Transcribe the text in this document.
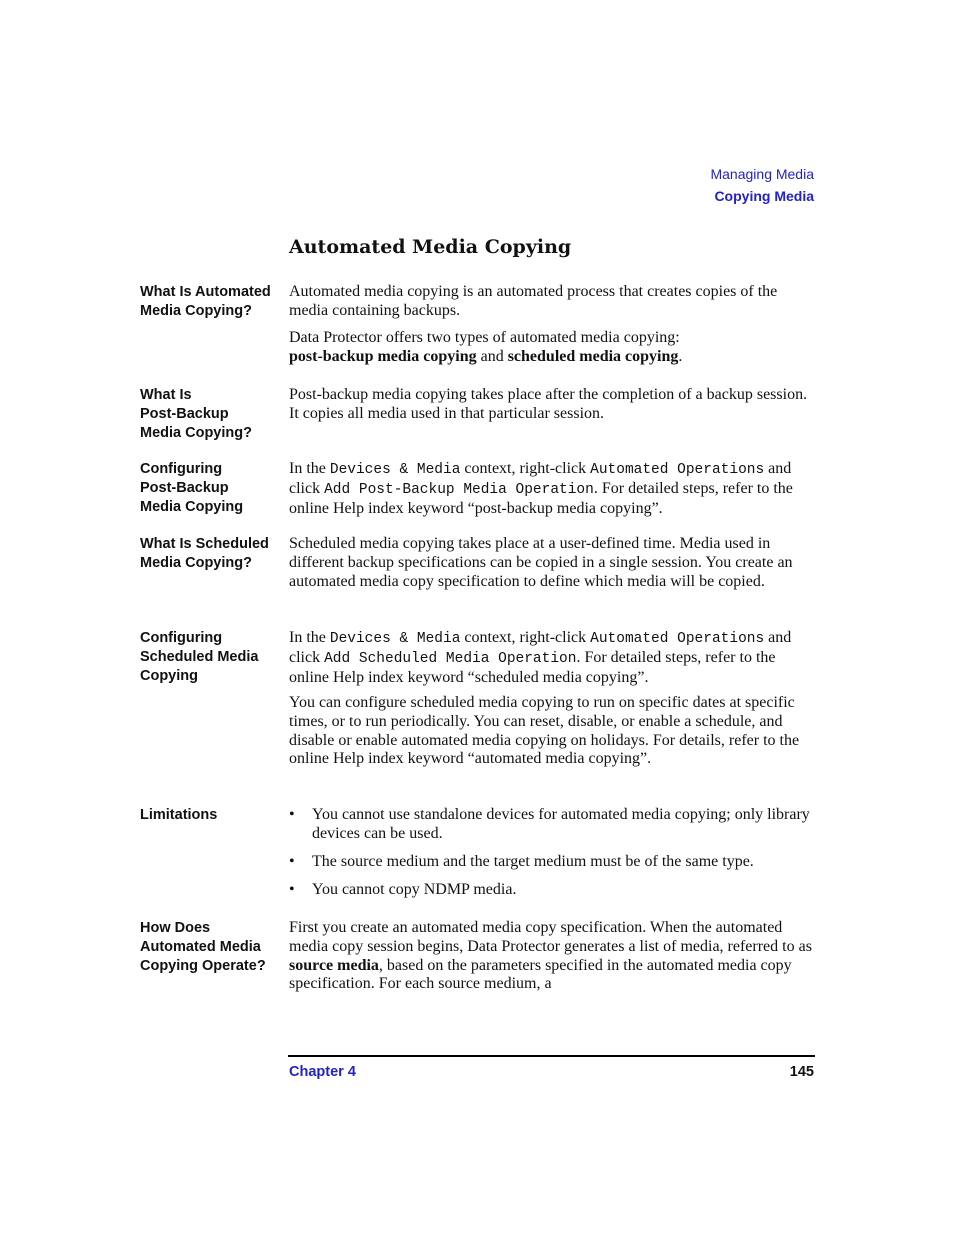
Managing Media
Copying Media
Automated Media Copying
What Is Automated
Media Copying?
Automated media copying is an automated process that creates copies of the media containing backups.
Data Protector offers two types of automated media copying:
post-backup media copying and scheduled media copying.
What Is
Post-Backup
Media Copying?
Post-backup media copying takes place after the completion of a backup session. It copies all media used in that particular session.
Configuring
Post-Backup
Media Copying
In the Devices & Media context, right-click Automated Operations and click Add Post-Backup Media Operation. For detailed steps, refer to the online Help index keyword “post-backup media copying”.
What Is Scheduled
Media Copying?
Scheduled media copying takes place at a user-defined time. Media used in different backup specifications can be copied in a single session. You create an automated media copy specification to define which media will be copied.
Configuring
Scheduled Media
Copying
In the Devices & Media context, right-click Automated Operations and click Add Scheduled Media Operation. For detailed steps, refer to the online Help index keyword “scheduled media copying”.
You can configure scheduled media copying to run on specific dates at specific times, or to run periodically. You can reset, disable, or enable a schedule, and disable or enable automated media copying on holidays. For details, refer to the online Help index keyword “automated media copying”.
Limitations	• You cannot use standalone devices for automated media copying; only library devices can be used.
• The source medium and the target medium must be of the same type.
• You cannot copy NDMP media.
How Does
Automated Media
Copying Operate?
First you create an automated media copy specification. When the automated media copy session begins, Data Protector generates a list of media, referred to as source media, based on the parameters specified in the automated media copy specification. For each source medium, a
Chapter 4	145
